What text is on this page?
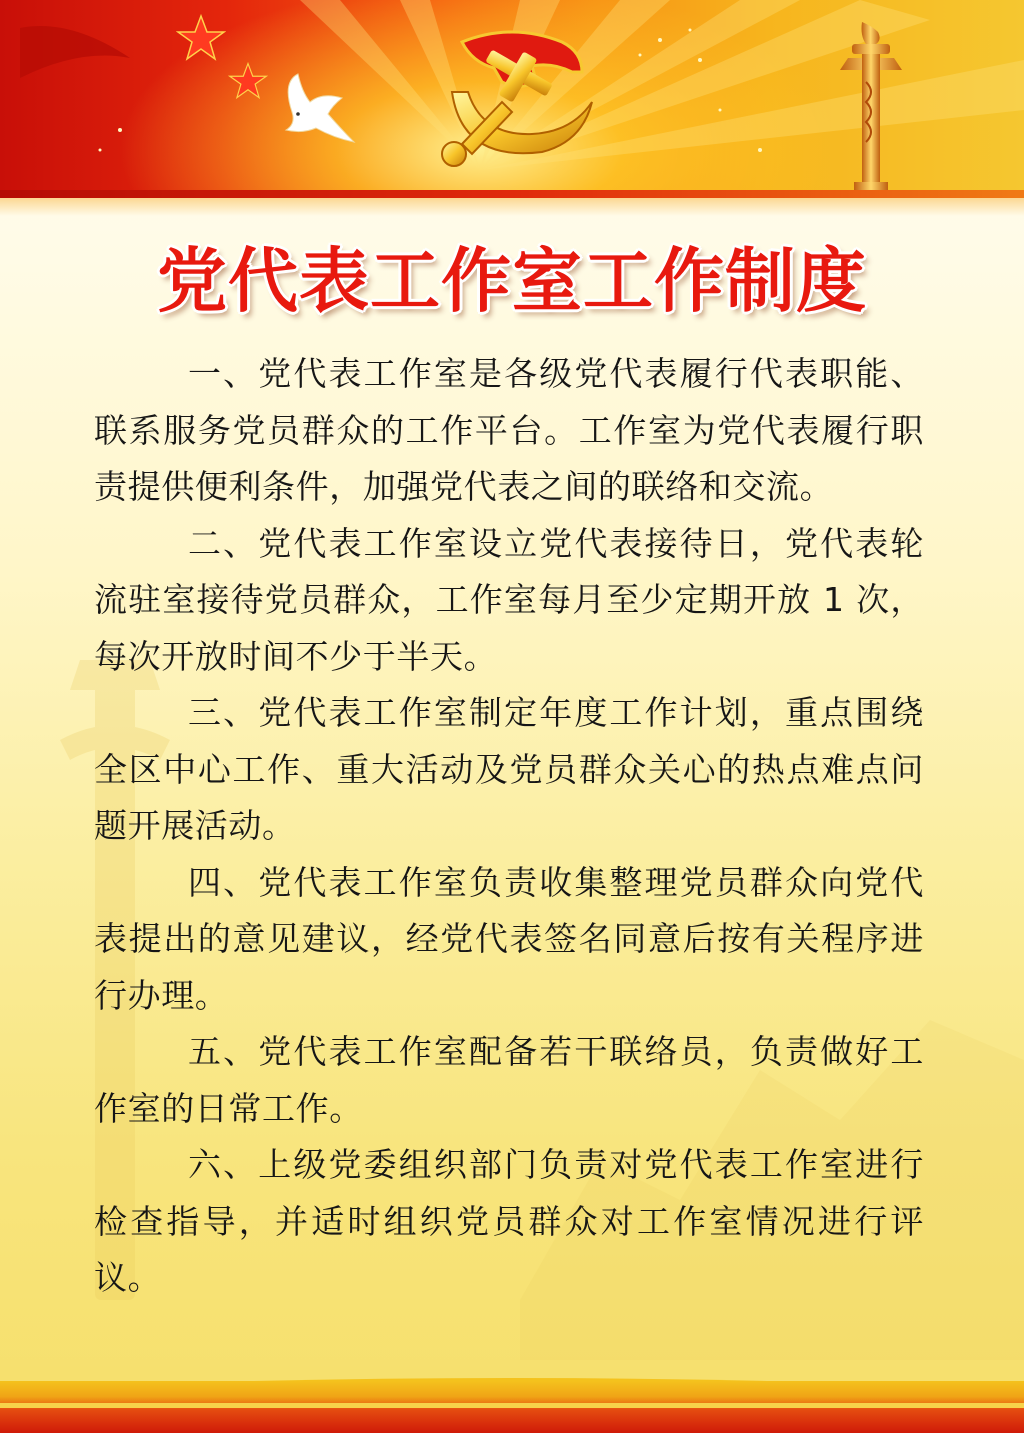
党代表工作室工作制度

一、党代表工作室是各级党代表履行代表职能、联系服务党员群众的工作平台。工作室为党代表履行职责提供便利条件，加强党代表之间的联络和交流。

二、党代表工作室设立党代表接待日，党代表轮流驻室接待党员群众，工作室每月至少定期开放 1 次，每次开放时间不少于半天。

三、党代表工作室制定年度工作计划，重点围绕全区中心工作、重大活动及党员群众关心的热点难点问题开展活动。

四、党代表工作室负责收集整理党员群众向党代表提出的意见建议，经党代表签名同意后按有关程序进行办理。

五、党代表工作室配备若干联络员，负责做好工作室的日常工作。

六、上级党委组织部门负责对党代表工作室进行检查指导，并适时组织党员群众对工作室情况进行评议。
